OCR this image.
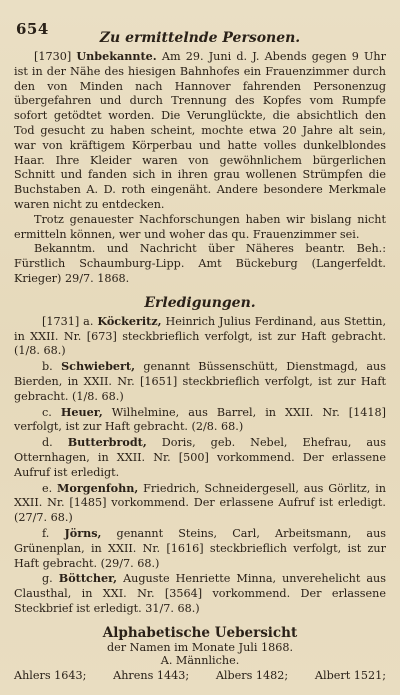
654	Zu ermittelnde Personen.

[1730] Unbekannte. Am 29. Juni d. J. Abends gegen 9 Uhr ist in der Nähe des hiesigen Bahnhofes ein Frauenzimmer durch den von Minden nach Hannover fahrenden Personenzug übergefahren und durch Trennung des Kopfes vom Rumpfe sofort getödtet worden. Die Verunglückte, die absichtlich den Tod gesucht zu haben scheint, mochte etwa 20 Jahre alt sein, war von kräftigem Körperbau und hatte volles dunkelblondes Haar. Ihre Kleider waren von gewöhnlichem bürgerlichen Schnitt und fanden sich in ihren grau wollenen Strümpfen die Buchstaben A. D. roth eingenäht. Andere besondere Merkmale waren nicht zu entdecken.

Trotz genauester Nachforschungen haben wir bislang nicht ermitteln können, wer und woher das qu. Frauenzimmer sei.

Bekanntm. und Nachricht über Näheres beantr. Beh.: Fürstlich Schaumburg-Lipp. Amt Bückeburg (Langerfeldt. Krieger) 29/7. 1868.

Erledigungen.

[1731] a. Köckeritz, Heinrich Julius Ferdinand, aus Stettin, in XXII. Nr. [673] steckbrieflich verfolgt, ist zur Haft gebracht. (1/8. 68.)

b. Schwiebert, genannt Büssenschütt, Dienstmagd, aus Bierden, in XXII. Nr. [1651] steckbrieflich verfolgt, ist zur Haft gebracht. (1/8. 68.)

c. Heuer, Wilhelmine, aus Barrel, in XXII. Nr. [1418] verfolgt, ist zur Haft gebracht. (2/8. 68.)

d. Butterbrodt, Doris, geb. Nebel, Ehefrau, aus Otternhagen, in XXII. Nr. [500] vorkommend. Der erlassene Aufruf ist erledigt.

e. Morgenfohn, Friedrich, Schneidergesell, aus Görlitz, in XXII. Nr. [1485] vorkommend. Der erlassene Aufruf ist erledigt. (27/7. 68.)

f. Jörns, genannt Steins, Carl, Arbeitsmann, aus Grünenplan, in XXII. Nr. [1616] steckbrieflich verfolgt, ist zur Haft gebracht. (29/7. 68.)

g. Böttcher, Auguste Henriette Minna, unverehelicht aus Clausthal, in XXI. Nr. [3564] vorkommend. Der erlassene Steckbrief ist erledigt. 31/7. 68.)

Alphabetische Uebersicht

der Namen im Monate Juli 1868.

A. Männliche.

Ahlers 1643; Ahrens 1443; Albers 1482; Albert 1521;
